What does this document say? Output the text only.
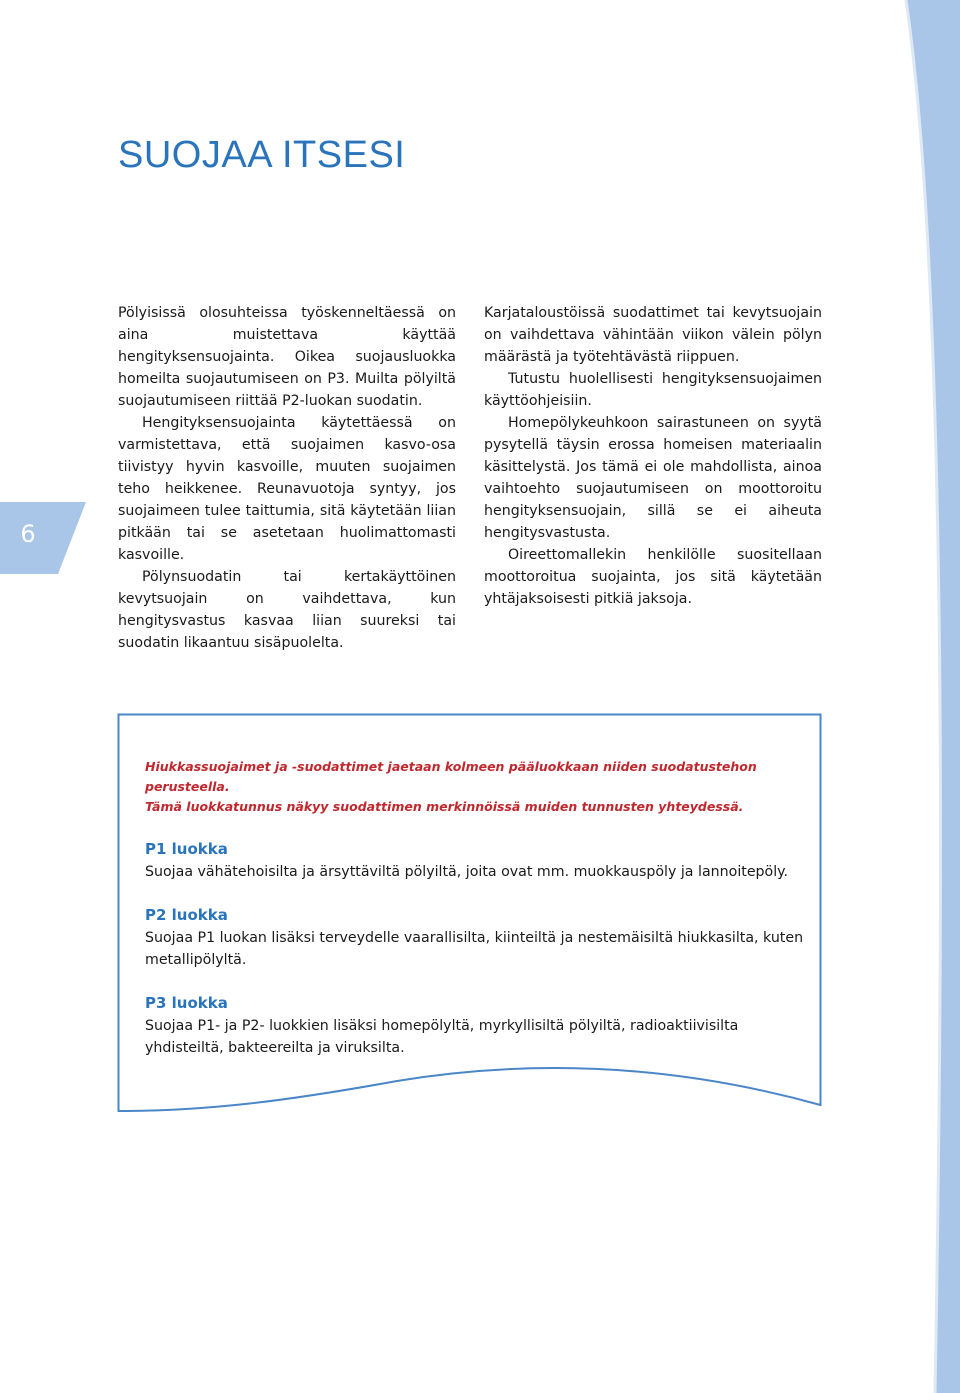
6
SUOJAA ITSESI

Pölyisissä olosuhteissa työskenneltäessä on aina muistettava käyttää hengityksensuojainta. Oikea suojausluokka homeilta suojautumiseen on P3. Muilta pölyiltä suojautumiseen riittää P2-luokan suodatin.

Hengityksensuojainta käytettäessä on varmistettava, että suojaimen kasvo-osa tiivistyy hyvin kasvoille, muuten suojaimen teho heikkenee. Reunavuotoja syntyy, jos suojaimeen tulee taittumia, sitä käytetään liian pitkään tai se asetetaan huolimattomasti kasvoille.

Pölynsuodatin tai kertakäyttöinen kevytsuojain on vaihdettava, kun hengitysvastus kasvaa liian suureksi tai suodatin likaantuu sisäpuolelta.

Karjataloustöissä suodattimet tai kevytsuojain on vaihdettava vähintään viikon välein pölyn määrästä ja työtehtävästä riippuen.

Tutustu huolellisesti hengityksensuojaimen käyttöohjeisiin.

Homepölykeuhkoon sairastuneen on syytä pysytellä täysin erossa homeisen materiaalin käsittelystä. Jos tämä ei ole mahdollista, ainoa vaihtoehto suojautumiseen on moottoroitu hengityksensuojain, sillä se ei aiheuta hengitysvastusta.

Oireettomallekin henkilölle suositellaan moottoroitua suojainta, jos sitä käytetään yhtäjaksoisesti pitkiä jaksoja.

Hiukkassuojaimet ja -suodattimet jaetaan kolmeen pääluokkaan niiden suodatustehon perusteella.
Tämä luokkatunnus näkyy suodattimen merkinnöissä muiden tunnusten yhteydessä.
P1 luokka
Suojaa vähätehoisilta ja ärsyttäviltä pölyiltä, joita ovat mm. muokkauspöly ja lannoitepöly.
P2 luokka
Suojaa P1 luokan lisäksi terveydelle vaarallisilta, kiinteiltä ja nestemäisiltä hiukkasilta, kuten metallipölyltä.
P3 luokka
Suojaa P1- ja P2- luokkien lisäksi homepölyltä, myrkyllisiltä pölyiltä, radioaktiivisilta yhdisteiltä, bakteereilta ja viruksilta.
